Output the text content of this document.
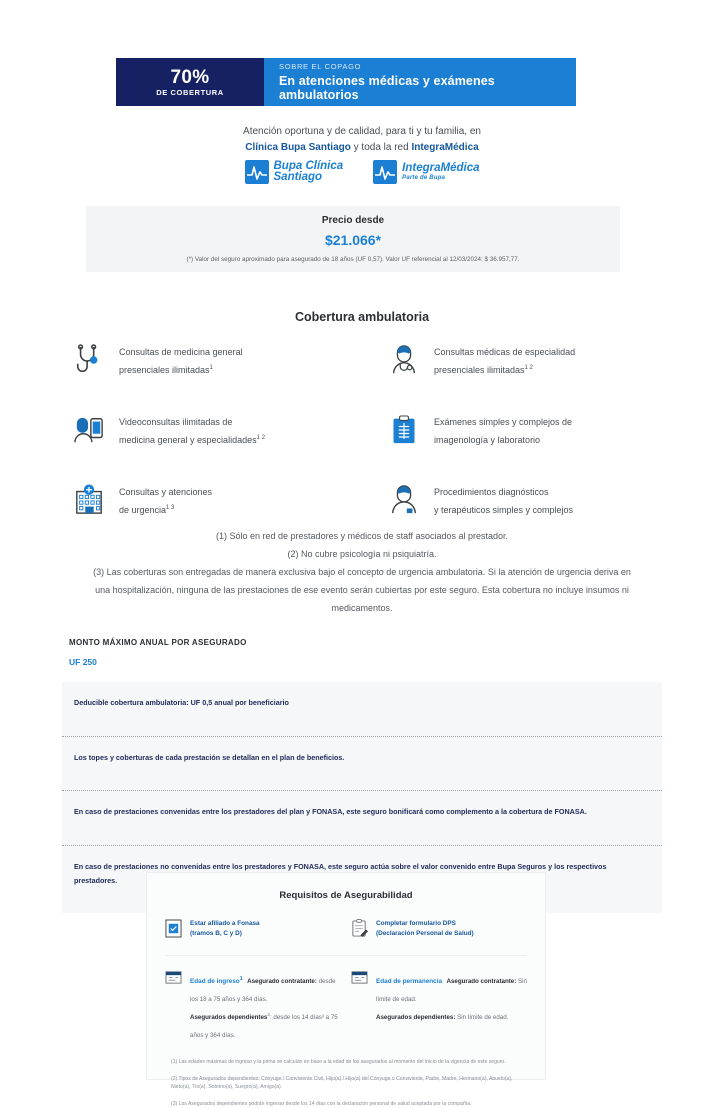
70%
DE COBERTURA
SOBRE EL COPAGO
En atenciones médicas y exámenes ambulatorios
Atención oportuna y de calidad, para ti y tu familia, en
Clínica Bupa Santiago y toda la red IntegraMédica
Bupa Clínica
Santiago
IntegraMédica
Parte de Bupa
Precio desde
$21.066*
(*) Valor del seguro aproximado para asegurado de 18 años (UF 0,57). Valor UF referencial al 12/03/2024: $ 36.957,77.
Cobertura ambulatoria
Consultas de medicina general
presenciales ilimitadas$^1$
Consultas médicas de especialidad
presenciales ilimitadas$^{1 2}$
Videoconsultas ilimitadas de
medicina general y especialidades$^{1 2}$
Exámenes simples y complejos de
imagenología y laboratorio
Consultas y atenciones
de urgencia$^{1 3}$
Procedimientos diagnósticos
y terapéuticos simples y complejos
(1) Sólo en red de prestadores y médicos de staff asociados al prestador.
(2) No cubre psicología ni psiquiatría.
(3) Las coberturas son entregadas de manera exclusiva bajo el concepto de urgencia ambulatoria. Si la atención de urgencia deriva en una hospitalización, ninguna de las prestaciones de ese evento serán cubiertas por este seguro. Esta cobertura no incluye insumos ni medicamentos.
MONTO MÁXIMO ANUAL POR ASEGURADO
UF 250
Deducible cobertura ambulatoria: UF 0,5 anual por beneficiario
Los topes y coberturas de cada prestación se detallan en el plan de beneficios.
En caso de prestaciones convenidas entre los prestadores del plan y FONASA, este seguro bonificará como complemento a la cobertura de FONASA.
En caso de prestaciones no convenidas entre los prestadores y FONASA, este seguro actúa sobre el valor convenido entre Bupa Seguros y los respectivos prestadores.
Requisitos de Asegurabilidad
Estar afiliado a Fonasa
(tramos B, C y D)
Completar formulario DPS
(Declaración Personal de Salud)
Edad de ingreso$^1$ Asegurado contratante: desde los 18 a 75 años y 364 días.
Asegurados dependientes$^2$: desde los 14 días³ a 75 años y 364 días.
Edad de permanencia Asegurado contratante: Sin límite de edad.
Asegurados dependientes: Sin límite de edad.
(1) Las edades máximas de ingreso y la prima se calculan en base a la edad de los asegurados al momento del inicio de la vigencia de este seguro.
(2) Tipos de Asegurados dependientes: Cónyuge / Conviviente Civil, Hijo(a) / Hijo(a) del Cónyuge o Conviviente, Padre, Madre, Hermano(a), Abuelo(a), Nieto(a), Tío(a), Sobrino(a), Suegro(a), Amigo(a).
(3) Los Asegurados dependientes podrán ingresar desde los 14 días con la declaración personal de salud aceptada por la compañía.
